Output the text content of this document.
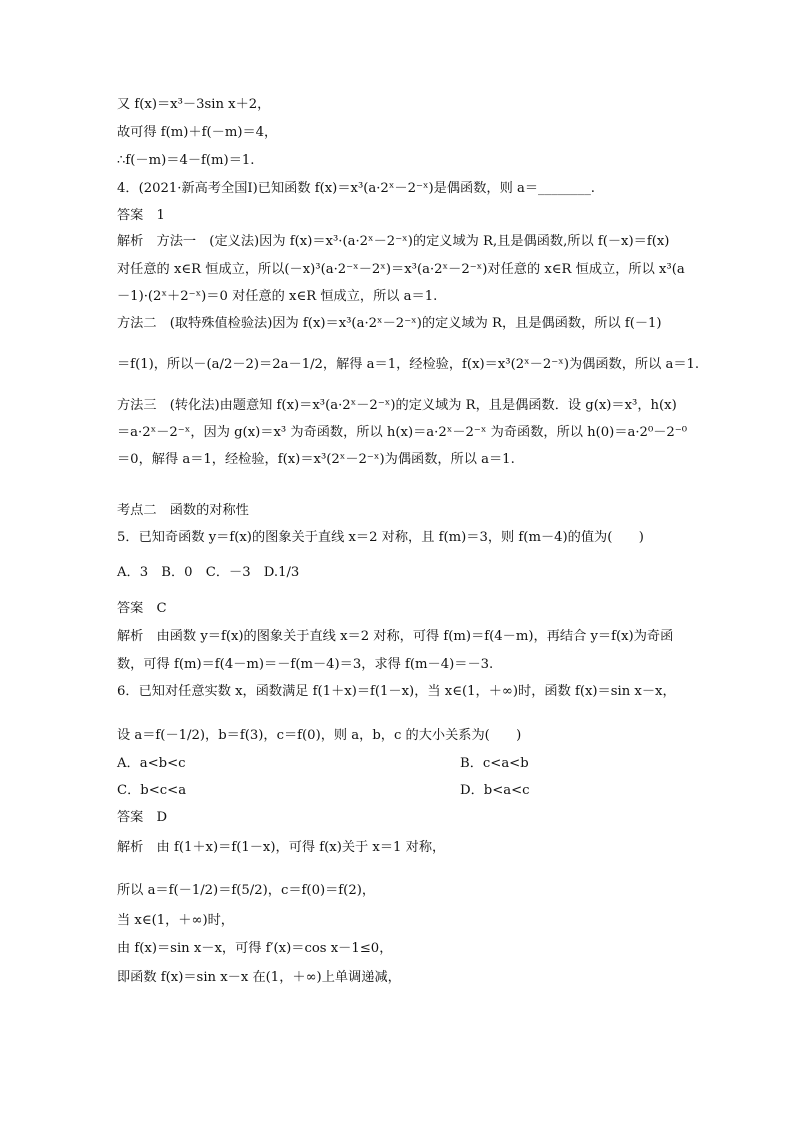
又 f(x)＝x³－3sin x＋2，
故可得 f(m)＋f(－m)＝4，
∴f(－m)＝4－f(m)＝1.
4．(2021·新高考全国Ⅰ)已知函数 f(x)＝x³(a·2ˣ－2⁻ˣ)是偶函数，则 a＝________.
答案　1
解析　方法一　(定义法)因为 f(x)＝x³·(a·2ˣ－2⁻ˣ)的定义域为 R,且是偶函数,所以 f(－x)＝f(x)
对任意的 x∈R 恒成立，所以(－x)³(a·2⁻ˣ－2ˣ)＝x³(a·2ˣ－2⁻ˣ)对任意的 x∈R 恒成立，所以 x³(a
－1)·(2ˣ＋2⁻ˣ)＝0 对任意的 x∈R 恒成立，所以 a＝1.
方法二　(取特殊值检验法)因为 f(x)＝x³(a·2ˣ－2⁻ˣ)的定义域为 R，且是偶函数，所以 f(－1)
＝f(1)，所以－(a/2－2)＝2a－1/2，解得 a＝1，经检验，f(x)＝x³(2ˣ－2⁻ˣ)为偶函数，所以 a＝1.
方法三　(转化法)由题意知 f(x)＝x³(a·2ˣ－2⁻ˣ)的定义域为 R，且是偶函数．设 g(x)＝x³，h(x)
＝a·2ˣ－2⁻ˣ，因为 g(x)＝x³ 为奇函数，所以 h(x)＝a·2ˣ－2⁻ˣ 为奇函数，所以 h(0)＝a·2⁰－2⁻⁰
＝0，解得 a＝1，经检验，f(x)＝x³(2ˣ－2⁻ˣ)为偶函数，所以 a＝1.
考点二　函数的对称性
5．已知奇函数 y＝f(x)的图象关于直线 x＝2 对称，且 f(m)＝3，则 f(m－4)的值为(　　)
A．3　B．0　C．－3　D.1/3
答案　C
解析　由函数 y＝f(x)的图象关于直线 x＝2 对称，可得 f(m)＝f(4－m)，再结合 y＝f(x)为奇函
数，可得 f(m)＝f(4－m)＝－f(m－4)＝3，求得 f(m－4)＝－3.
6．已知对任意实数 x，函数满足 f(1＋x)＝f(1－x)，当 x∈(1，＋∞)时，函数 f(x)＝sin x－x，
设 a＝f(－1/2)，b＝f(3)，c＝f(0)，则 a，b，c 的大小关系为(　　)
A．a<b<c	B．c<a<b
C．b<c<a	D．b<a<c
答案　D
解析　由 f(1＋x)＝f(1－x)，可得 f(x)关于 x＝1 对称，
所以 a＝f(－1/2)＝f(5/2)，c＝f(0)＝f(2)，
当 x∈(1，＋∞)时，
由 f(x)＝sin x－x，可得 f′(x)＝cos x－1≤0，
即函数 f(x)＝sin x－x 在(1，＋∞)上单调递减，
